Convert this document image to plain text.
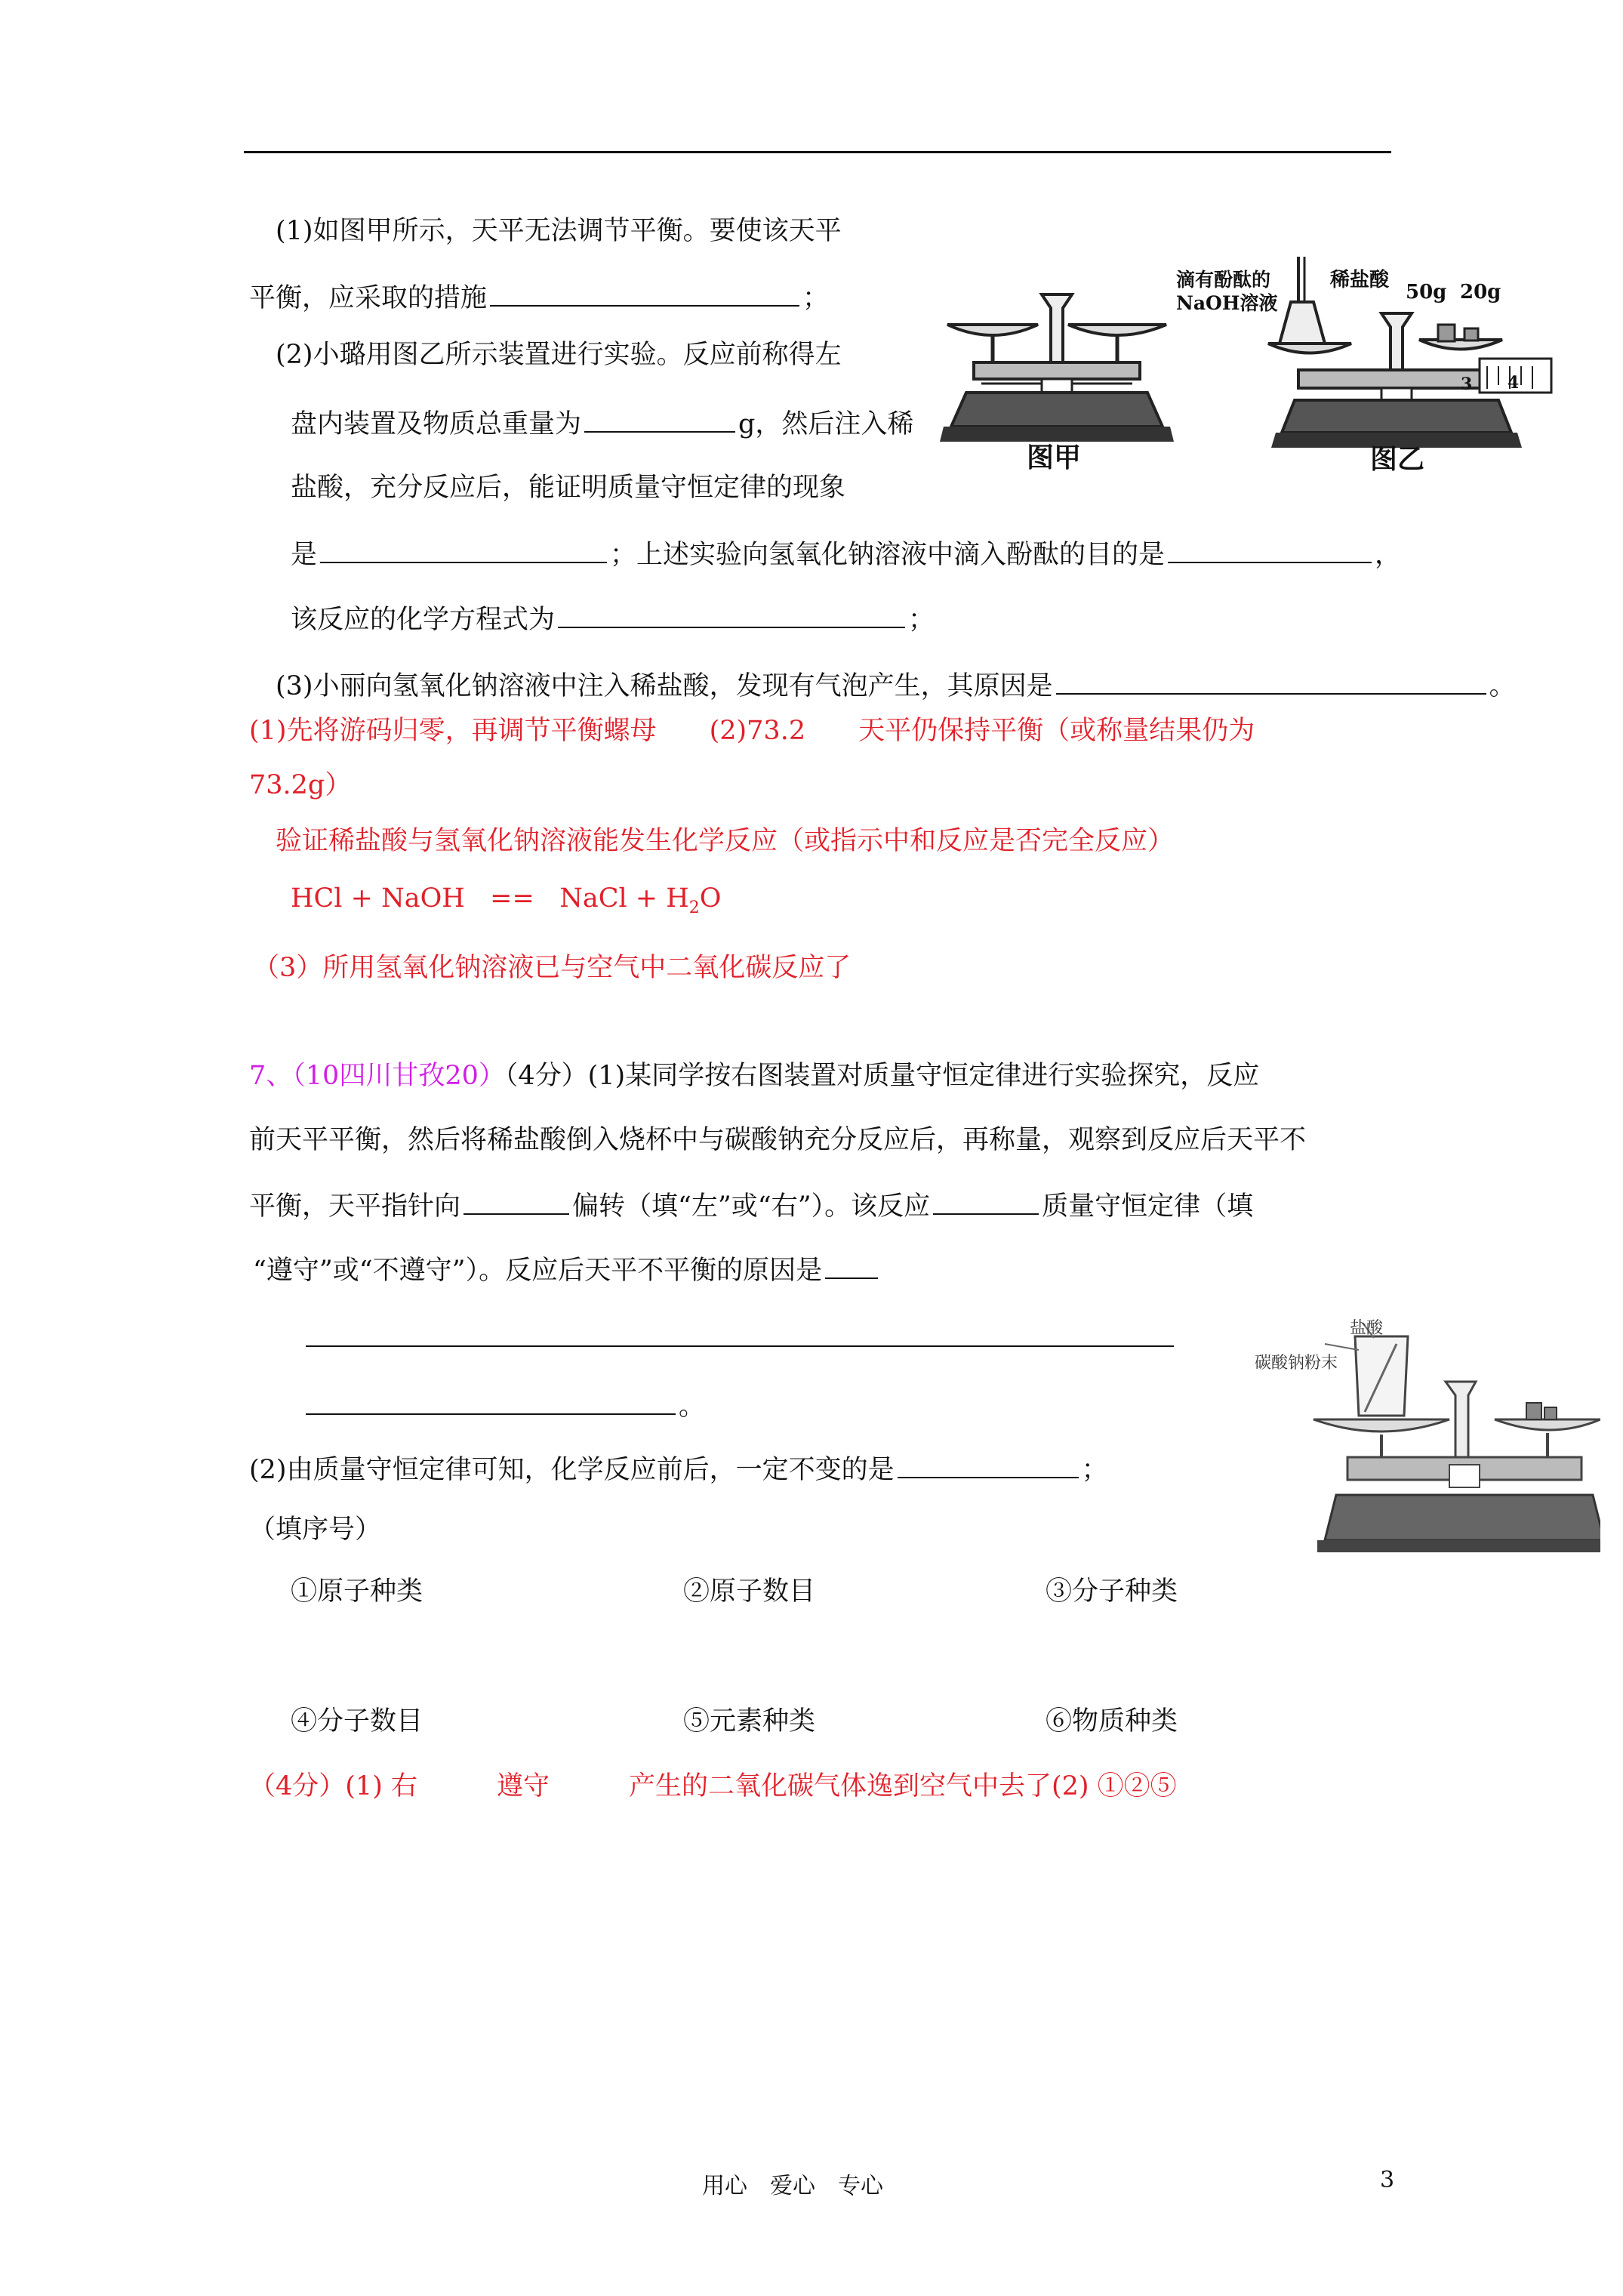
(1)如图甲所示，天平无法调节平衡。要使该天平
平衡，应采取的措施	；
(2)小璐用图乙所示装置进行实验。反应前称得左
盘内装置及物质总重量为	g，然后注入稀
盐酸，充分反应后，能证明质量守恒定律的现象
是	；上述实验向氢氧化钠溶液中滴入酚酞的目的是	，
该反应的化学方程式为	；
(3)小丽向氢氧化钠溶液中注入稀盐酸，发现有气泡产生，其原因是	。
图甲
滴有酚酞的
NaOH溶液
稀盐酸
50g 20g
3 4
图乙
(1)先将游码归零，再调节平衡螺母　　(2)73.2　　天平仍保持平衡（或称量结果仍为
73.2g）
验证稀盐酸与氢氧化钠溶液能发生化学反应（或指示中和反应是否完全反应）
HCl + NaOH == NaCl + $H_2O$
（3）所用氢氧化钠溶液已与空气中二氧化碳反应了
7、（10四川甘孜20）（4分）(1)某同学按右图装置对质量守恒定律进行实验探究，反应
前天平平衡，然后将稀盐酸倒入烧杯中与碳酸钠充分反应后，再称量，观察到反应后天平不
平衡，天平指针向	偏转（填“左”或“右”）。该反应	质量守恒定律（填
“遵守”或“不遵守”）。反应后天平不平衡的原因是
。
(2)由质量守恒定律可知，化学反应前后，一定不变的是	；
（填序号）
①原子种类	②原子数目	③分子种类
④分子数目	⑤元素种类	⑥物质种类
（4分）(1) 右　　　遵守　　　产生的二氧化碳气体逸到空气中去了(2) ①②⑤
盐酸
碳酸钠粉末
用心　爱心　专心	3
